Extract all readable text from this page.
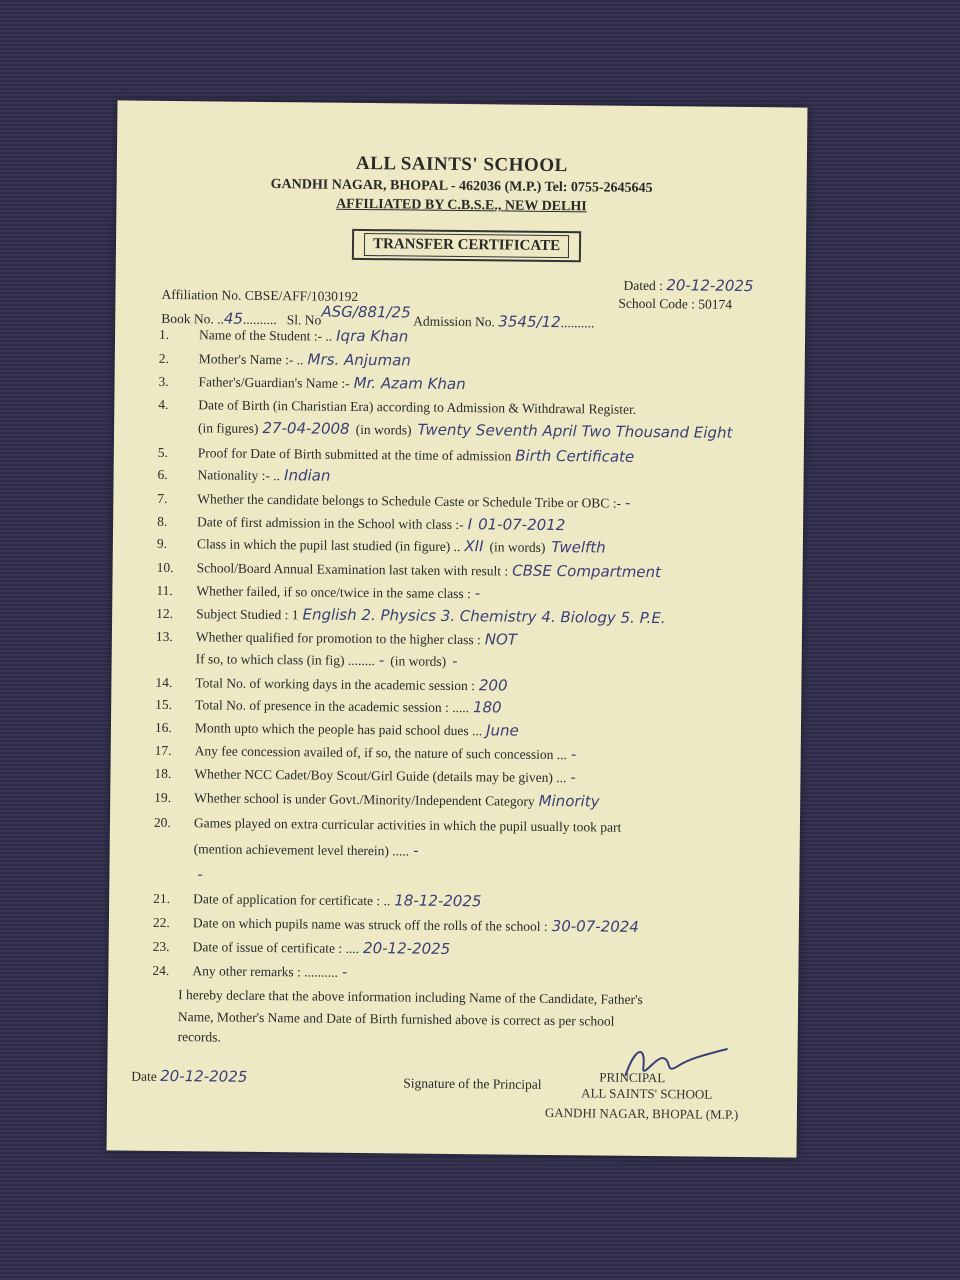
ALL SAINTS' SCHOOL
GANDHI NAGAR, BHOPAL - 462036 (M.P.) Tel: 0755-2645645
AFFILIATED BY C.B.S.E., NEW DELHI
TRANSFER CERTIFICATE
Dated : 20-12-2025
Affiliation No. CBSE/AFF/1030192	School Code : 50174
Book No. ..45.......... Sl. NoASG/881/25 Admission No. 3545/12..........
1. Name of the Student :- .. Iqra Khan
2. Mother's Name :- .. Mrs. Anjuman
3. Father's/Guardian's Name :- Mr. Azam Khan
4. Date of Birth (in Charistian Era) according to Admission & Withdrawal Register.
(in figures) 27-04-2008 (in words) Twenty Seventh April Two Thousand Eight
5. Proof for Date of Birth submitted at the time of admission Birth Certificate
6. Nationality :- .. Indian
7. Whether the candidate belongs to Schedule Caste or Schedule Tribe or OBC :- -
8. Date of first admission in the School with class :- I 01-07-2012
9. Class in which the pupil last studied (in figure) .. XII (in words) Twelfth
10. School/Board Annual Examination last taken with result : CBSE Compartment
11. Whether failed, if so once/twice in the same class : -
12. Subject Studied : 1 English 2. Physics 3. Chemistry 4. Biology 5. P.E.
13. Whether qualified for promotion to the higher class : NOT
If so, to which class (in fig) ........ - (in words) -
14. Total No. of working days in the academic session : 200
15. Total No. of presence in the academic session : ..... 180
16. Month upto which the people has paid school dues ... June
17. Any fee concession availed of, if so, the nature of such concession ... -
18. Whether NCC Cadet/Boy Scout/Girl Guide (details may be given) ... -
19. Whether school is under Govt./Minority/Independent Category Minority
20. Games played on extra curricular activities in which the pupil usually took part
(mention achievement level therein) ..... -
-
21. Date of application for certificate : .. 18-12-2025
22. Date on which pupils name was struck off the rolls of the school : 30-07-2024
23. Date of issue of certificate : .... 20-12-2025
24. Any other remarks : .......... -
I hereby declare that the above information including Name of the Candidate, Father's
Name, Mother's Name and Date of Birth furnished above is correct as per school
records.
Date 20-12-2025	Signature of the Principal	PRINCIPAL
ALL SAINTS' SCHOOL
GANDHI NAGAR, BHOPAL (M.P.)
